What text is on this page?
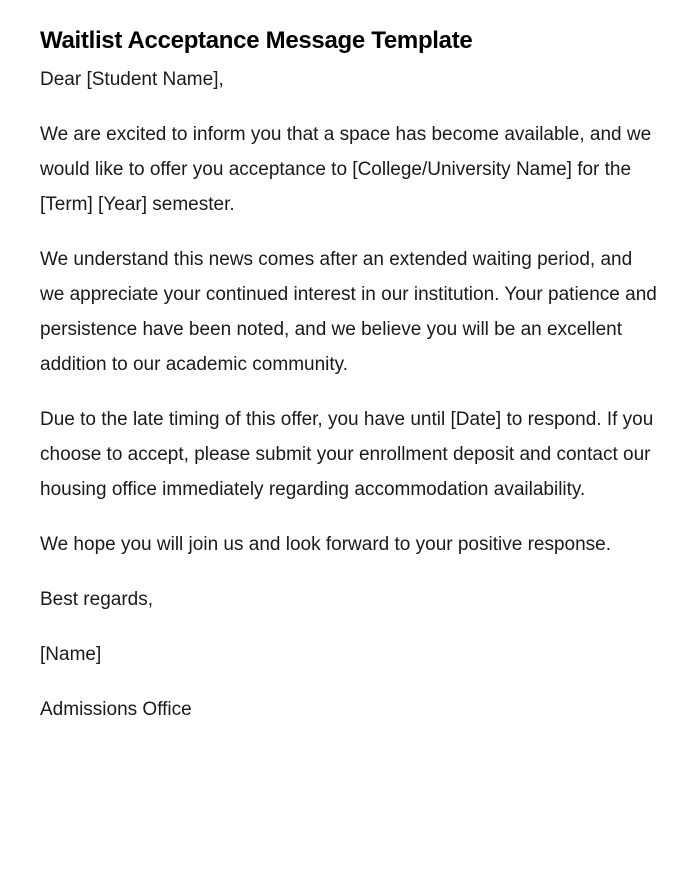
Waitlist Acceptance Message Template

Dear [Student Name],

We are excited to inform you that a space has become available, and we would like to offer you acceptance to [College/University Name] for the [Term] [Year] semester.

We understand this news comes after an extended waiting period, and we appreciate your continued interest in our institution. Your patience and persistence have been noted, and we believe you will be an excellent addition to our academic community.

Due to the late timing of this offer, you have until [Date] to respond. If you choose to accept, please submit your enrollment deposit and contact our housing office immediately regarding accommodation availability.

We hope you will join us and look forward to your positive response.

Best regards,

[Name]

Admissions Office
